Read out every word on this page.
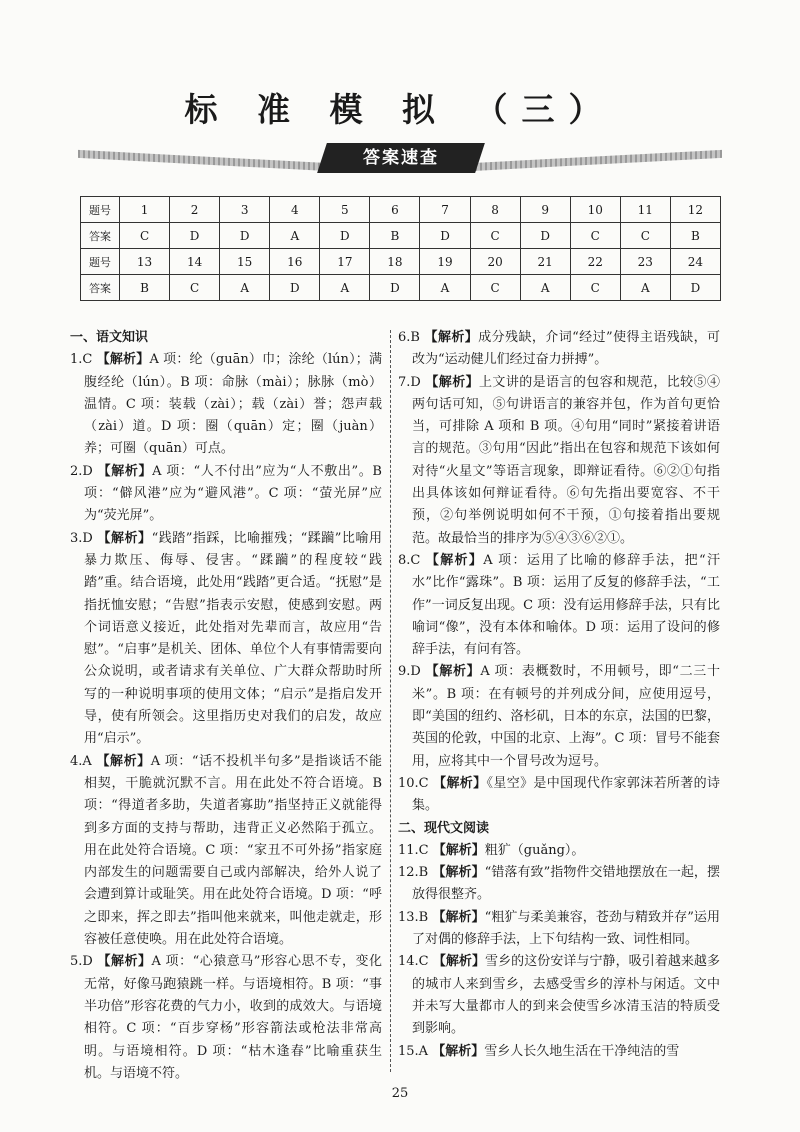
标 准 模 拟 （三）
答案速查
题号	1	2	3	4	5	6	7	8	9	10	11	12
答案	C	D	D	A	D	B	D	C	D	C	C	B
题号	13	14	15	16	17	18	19	20	21	22	23	24
答案	B	C	A	D	A	D	A	C	A	C	A	D
一、语文知识
1.C 【解析】A 项：纶（guān）巾；涂纶（lún）；满腹经纶（lún）。B 项：命脉（mài）；脉脉（mò）温情。C 项：装载（zài）；载（zài）誉；怨声载（zài）道。D 项：圈（quān）定；圈（juàn）养；可圈（quān）可点。
2.D 【解析】A 项：“人不付出”应为“人不敷出”。B 项：“僻风港”应为“避风港”。C 项：“萤光屏”应为“荧光屏”。
3.D 【解析】“践踏”指踩，比喻摧残；“蹂躏”比喻用暴力欺压、侮辱、侵害。“蹂躏”的程度较“践踏”重。结合语境，此处用“践踏”更合适。“抚慰”是指抚恤安慰；“告慰”指表示安慰，使感到安慰。两个词语意义接近，此处指对先辈而言，故应用“告慰”。“启事”是机关、团体、单位个人有事情需要向公众说明，或者请求有关单位、广大群众帮助时所写的一种说明事项的使用文体；“启示”是指启发开导，使有所领会。这里指历史对我们的启发，故应用“启示”。
4.A 【解析】A 项：“话不投机半句多”是指谈话不能相契，干脆就沉默不言。用在此处不符合语境。B 项：“得道者多助，失道者寡助”指坚持正义就能得到多方面的支持与帮助，违背正义必然陷于孤立。用在此处符合语境。C 项：“家丑不可外扬”指家庭内部发生的问题需要自己或内部解决，给外人说了会遭到算计或耻笑。用在此处符合语境。D 项：“呼之即来，挥之即去”指叫他来就来，叫他走就走，形容被任意使唤。用在此处符合语境。
5.D 【解析】A 项：“心猿意马”形容心思不专，变化无常，好像马跑猿跳一样。与语境相符。B 项：“事半功倍”形容花费的气力小，收到的成效大。与语境相符。C 项：“百步穿杨”形容箭法或枪法非常高明。与语境相符。D 项：“枯木逢春”比喻重获生机。与语境不符。
6.B 【解析】成分残缺，介词“经过”使得主语残缺，可改为“运动健儿们经过奋力拼搏”。
7.D 【解析】上文讲的是语言的包容和规范，比较⑤④两句话可知，⑤句讲语言的兼容并包，作为首句更恰当，可排除 A 项和 B 项。④句用“同时”紧接着讲语言的规范。③句用“因此”指出在包容和规范下该如何对待“火星文”等语言现象，即辩证看待。⑥②①句指出具体该如何辩证看待。⑥句先指出要宽容、不干预，②句举例说明如何不干预，①句接着指出要规范。故最恰当的排序为⑤④③⑥②①。
8.C 【解析】A 项：运用了比喻的修辞手法，把“汗水”比作“露珠”。B 项：运用了反复的修辞手法，“工作”一词反复出现。C 项：没有运用修辞手法，只有比喻词“像”，没有本体和喻体。D 项：运用了设问的修辞手法，有问有答。
9.D 【解析】A 项：表概数时，不用顿号，即“二三十米”。B 项：在有顿号的并列成分间，应使用逗号，即“美国的纽约、洛杉矶，日本的东京，法国的巴黎，英国的伦敦，中国的北京、上海”。C 项：冒号不能套用，应将其中一个冒号改为逗号。
10.C 【解析】《星空》是中国现代作家郭沫若所著的诗集。
二、现代文阅读
11.C 【解析】粗犷（guǎng）。
12.B 【解析】“错落有致”指物件交错地摆放在一起，摆放得很整齐。
13.B 【解析】“粗犷与柔美兼容，苍劲与精致并存”运用了对偶的修辞手法，上下句结构一致、词性相同。
14.C 【解析】雪乡的这份安详与宁静，吸引着越来越多的城市人来到雪乡，去感受雪乡的淳朴与闲适。文中并未写大量都市人的到来会使雪乡冰清玉洁的特质受到影响。
15.A 【解析】雪乡人长久地生活在干净纯洁的雪
25
